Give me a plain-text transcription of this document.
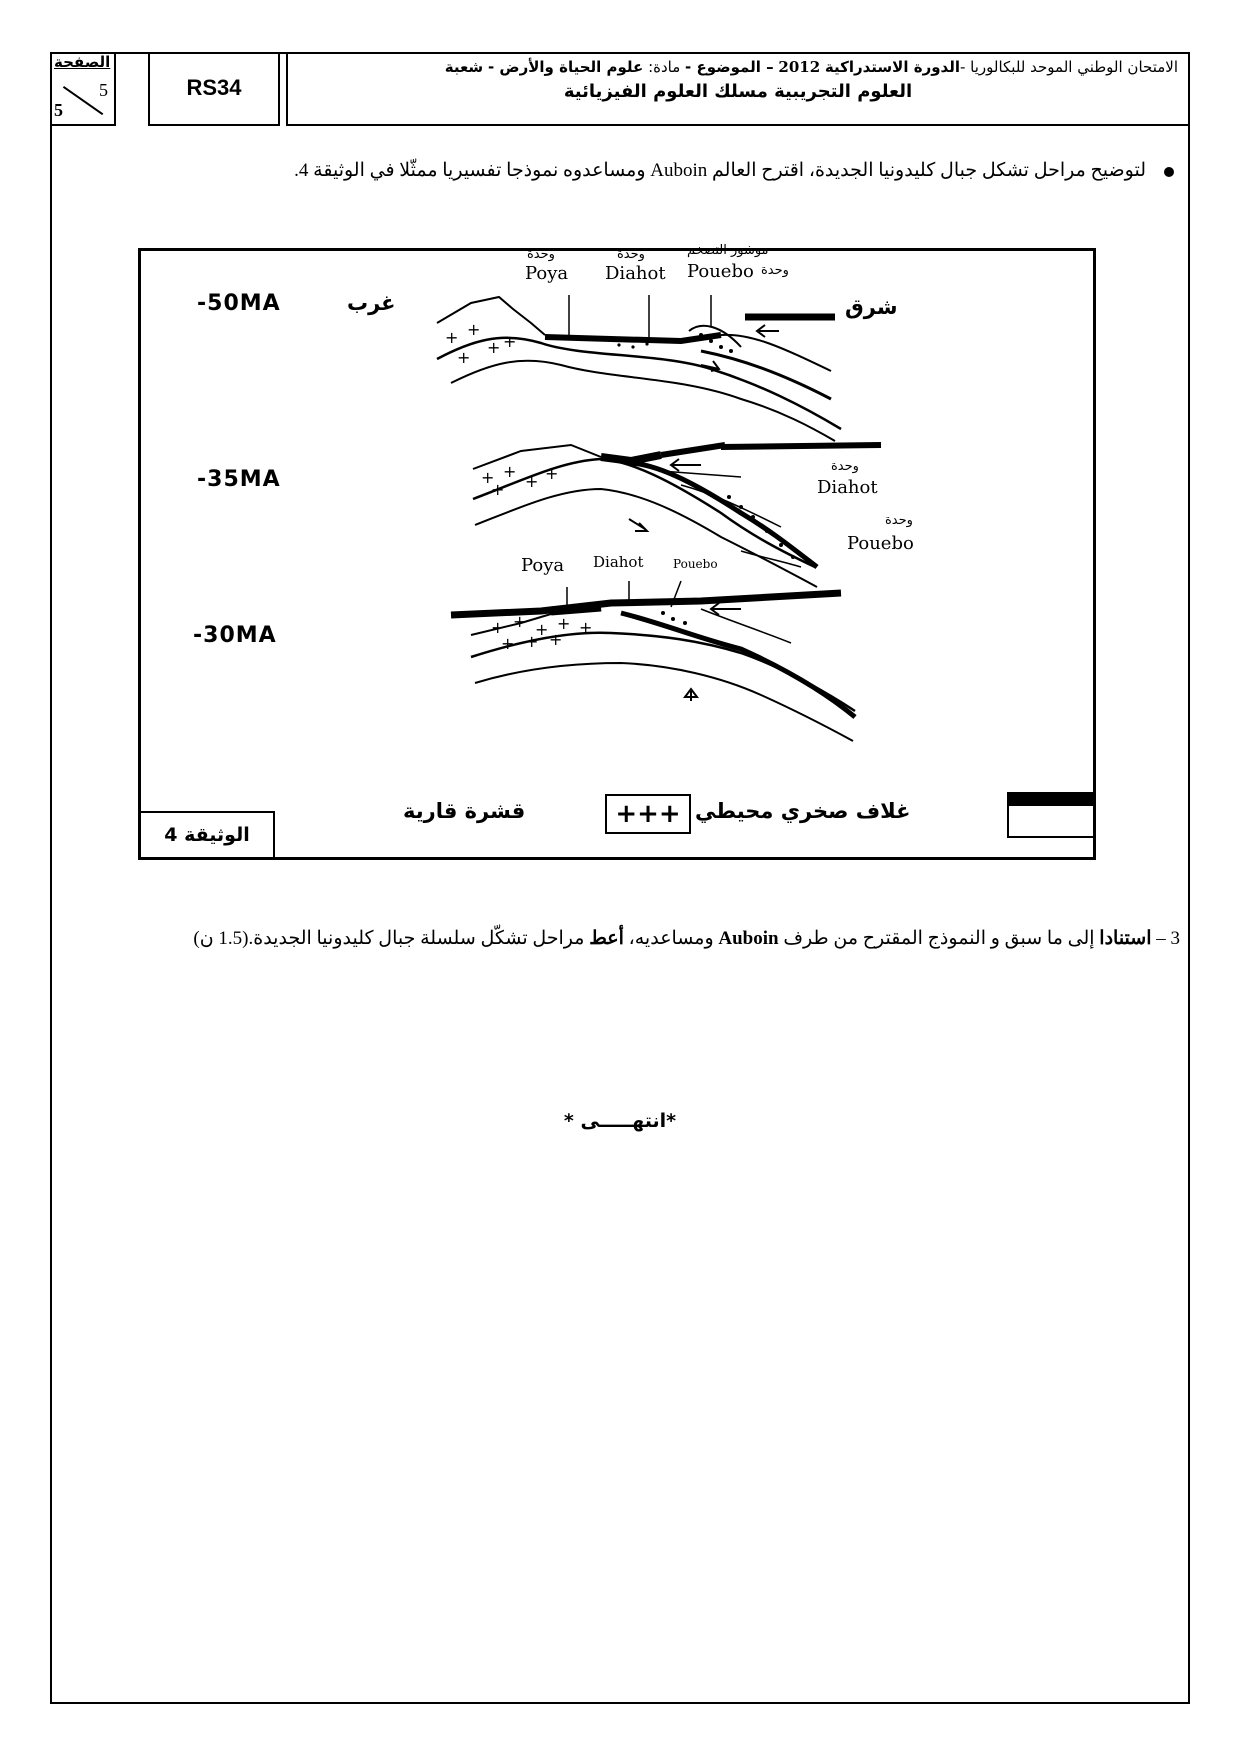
الصفحة
5
5
RS34
الامتحان الوطني الموحد للبكالوريا -الدورة الاستدراكية 2012 – الموضوع - مادة: علوم الحياة والأرض - شعبة
العلوم التجريبية مسلك العلوم الفيزيائية
لتوضيح مراحل تشكل جبال كليدونيا الجديدة، اقترح العالم Auboin ومساعدوه نموذجا تفسيريا ممثّلا في الوثيقة 4.
+ +
+
+
+
+ +
+
+
+
+ + + + +
+ + +
-50MA
-35MA
-30MA
غرب	شرق
وحدة
Poya
وحدة
Diahot
موشور التضخم
Pouebo وحدة
وحدة
Diahot
وحدة
Pouebo
Poya Diahot Pouebo
قشرة قارية	+++ غلاف صخري محيطي
الوثيقة 4
3 – استنادا إلى ما سبق و النموذج المقترح من طرف Auboin ومساعديه، أعط مراحل تشكّل سلسلة جبال كليدونيا الجديدة.(1.5 ن)
* انتهـــــى*
